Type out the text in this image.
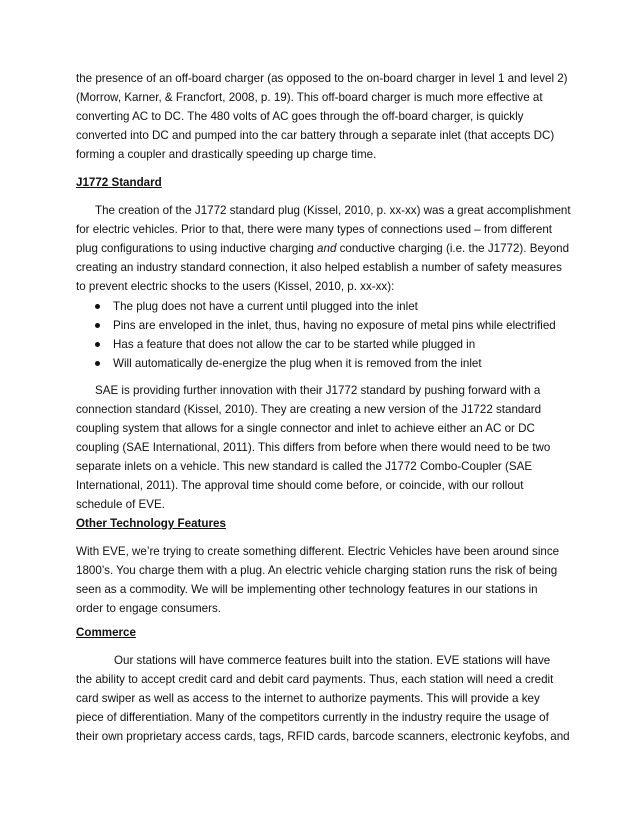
the presence of an off-board charger (as opposed to the on-board charger in level 1 and level 2)
(Morrow, Karner, & Francfort, 2008, p. 19). This off-board charger is much more effective at
converting AC to DC. The 480 volts of AC goes through the off-board charger, is quickly
converted into DC and pumped into the car battery through a separate inlet (that accepts DC)
forming a coupler and drastically speeding up charge time.

J1772 Standard

The creation of the J1772 standard plug (Kissel, 2010, p. xx-xx) was a great accomplishment

for electric vehicles. Prior to that, there were many types of connections used – from different
plug configurations to using inductive charging and conductive charging (i.e. the J1772). Beyond
creating an industry standard connection, it also helped establish a number of safety measures
to prevent electric shocks to the users (Kissel, 2010, p. xx-xx):

The plug does not have a current until plugged into the inlet
Pins are enveloped in the inlet, thus, having no exposure of metal pins while electrified
Has a feature that does not allow the car to be started while plugged in
Will automatically de-energize the plug when it is removed from the inlet

SAE is providing further innovation with their J1772 standard by pushing forward with a

connection standard (Kissel, 2010). They are creating a new version of the J1722 standard
coupling system that allows for a single connector and inlet to achieve either an AC or DC
coupling (SAE International, 2011). This differs from before when there would need to be two
separate inlets on a vehicle. This new standard is called the J1772 Combo-Coupler (SAE
International, 2011). The approval time should come before, or coincide, with our rollout
schedule of EVE.

Other Technology Features

With EVE, we’re trying to create something different. Electric Vehicles have been around since
1800’s. You charge them with a plug. An electric vehicle charging station runs the risk of being
seen as a commodity. We will be implementing other technology features in our stations in
order to engage consumers.

Commerce

Our stations will have commerce features built into the station. EVE stations will have

the ability to accept credit card and debit card payments. Thus, each station will need a credit
card swiper as well as access to the internet to authorize payments. This will provide a key
piece of differentiation. Many of the competitors currently in the industry require the usage of
their own proprietary access cards, tags, RFID cards, barcode scanners, electronic keyfobs, and
